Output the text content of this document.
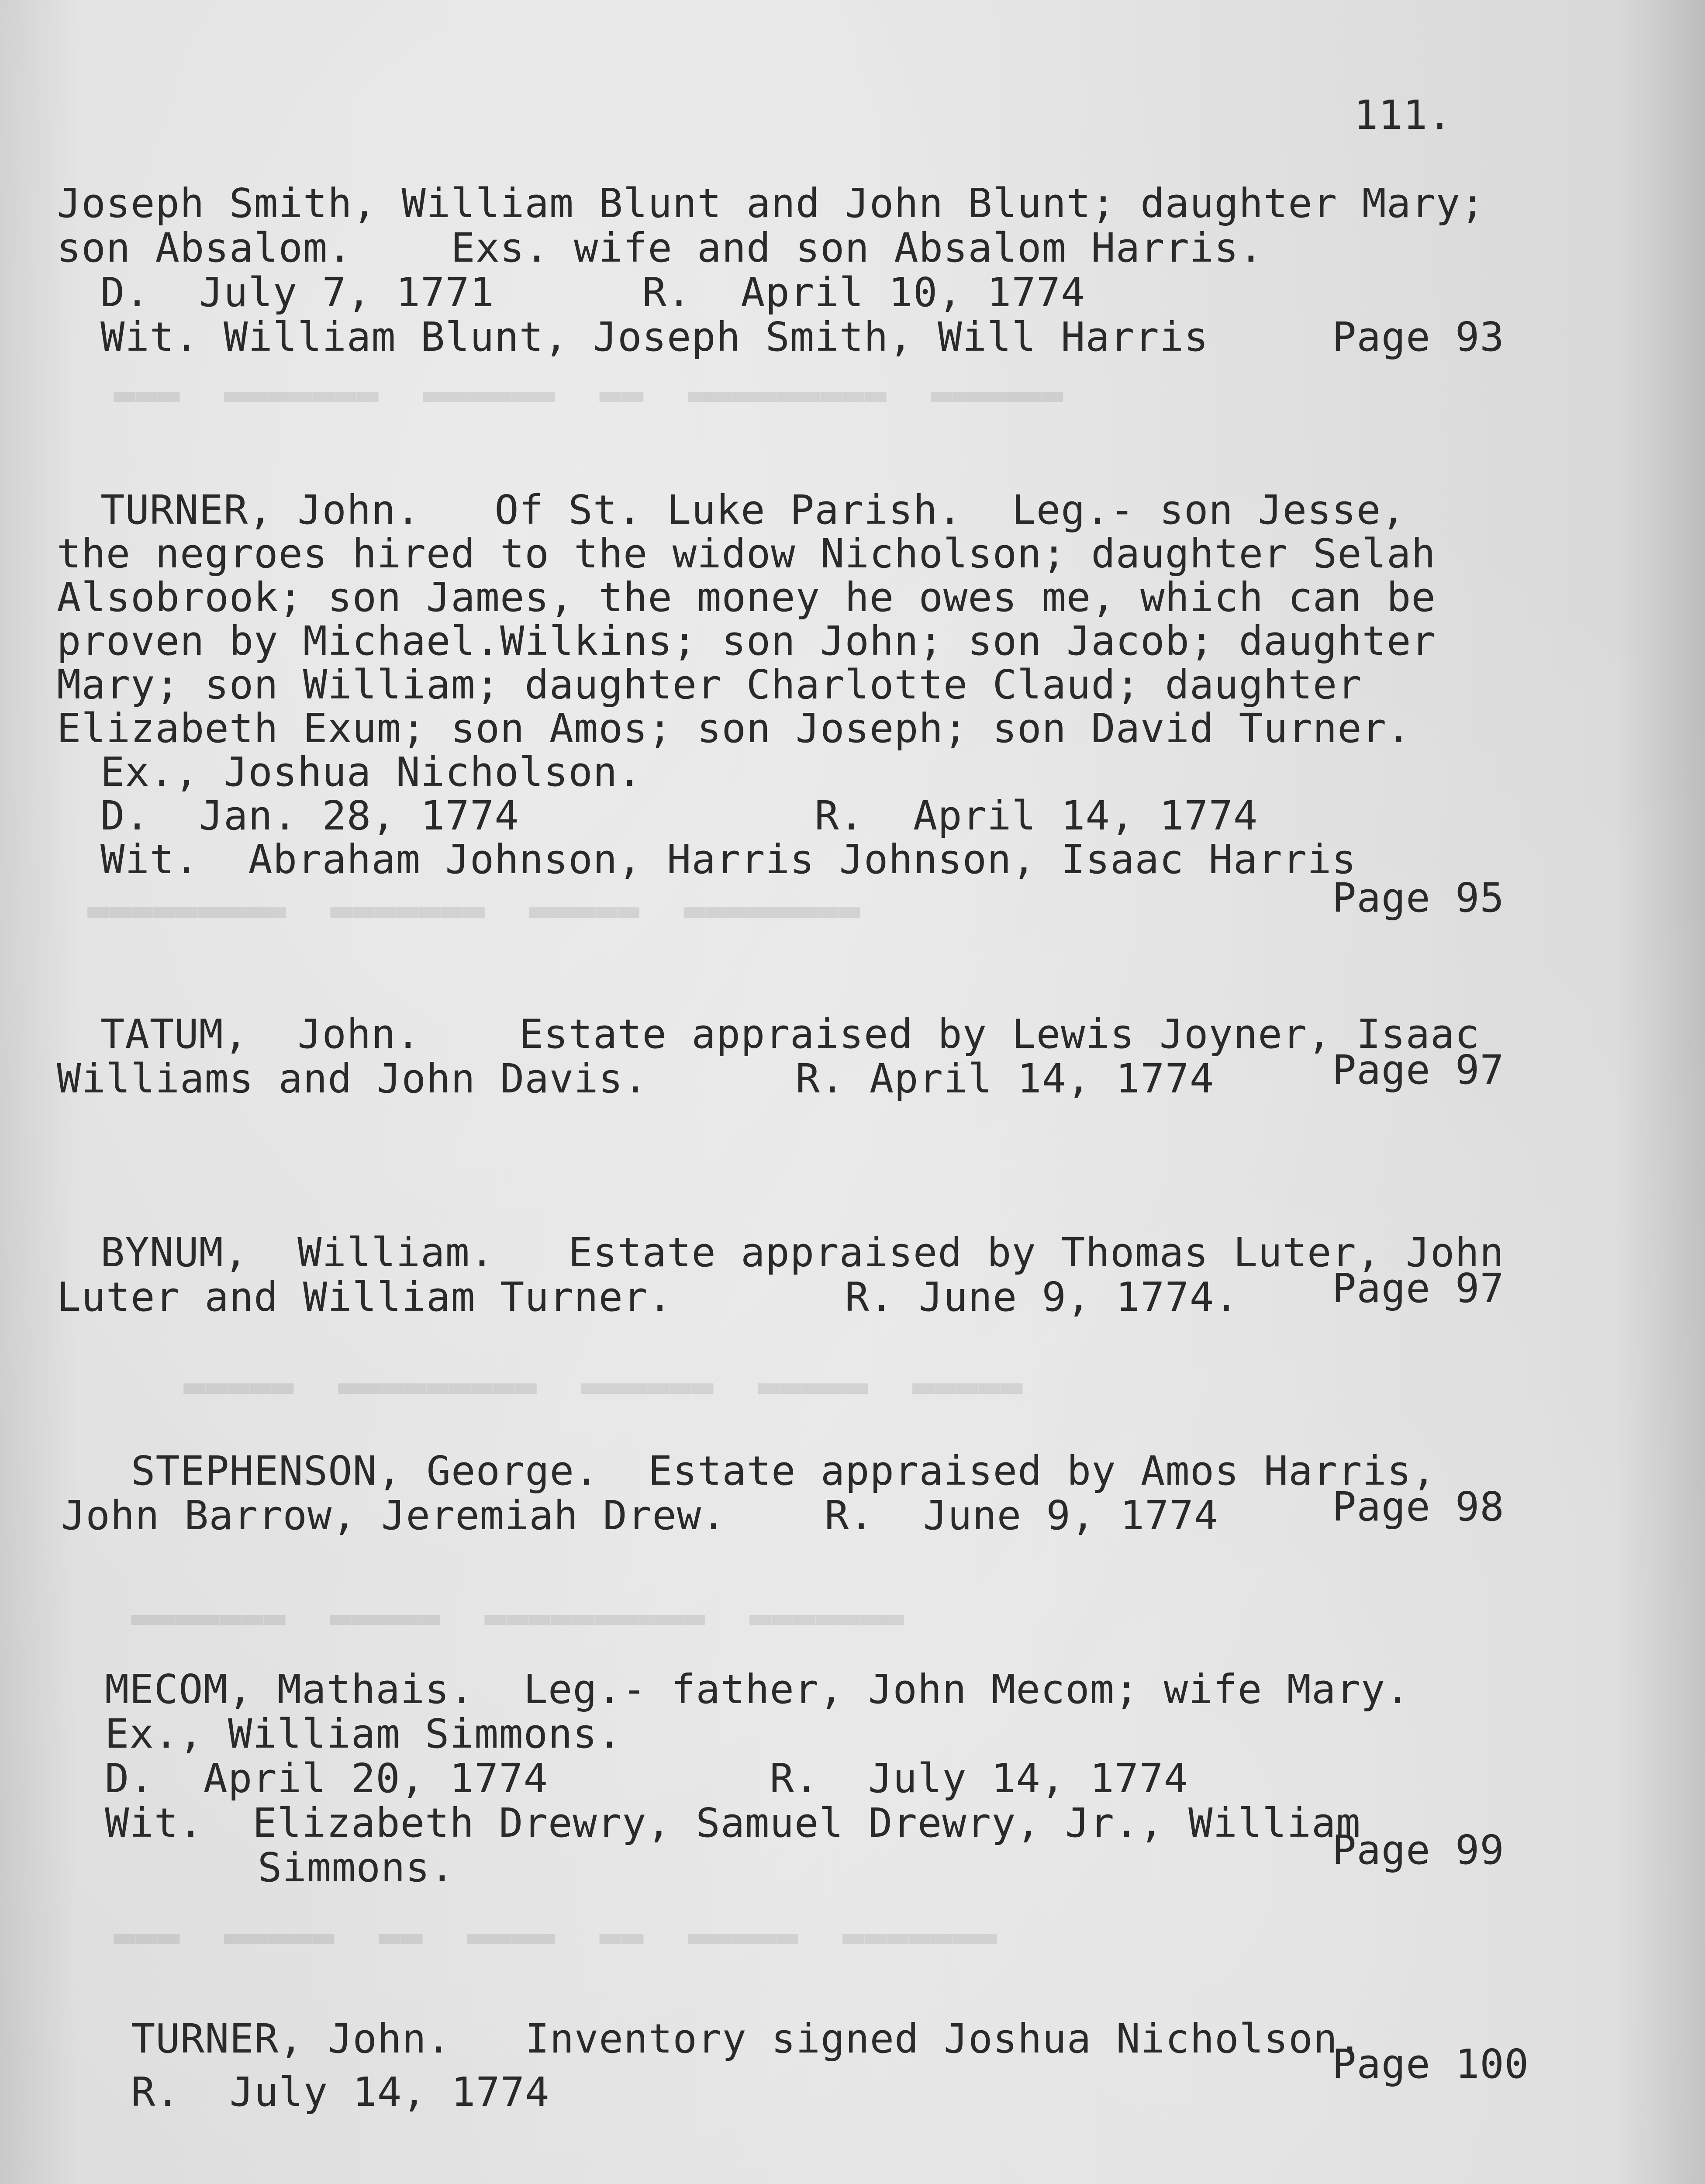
▬▬▬▬▬▬  ▬▬▬▬▬▬▬▬▬  ▬▬  ▬▬▬▬▬▬  ▬▬▬▬▬▬▬  ▬▬▬
▬▬▬▬▬▬▬▬  ▬▬▬▬▬  ▬▬▬▬▬▬▬  ▬▬▬▬▬▬▬▬▬
▬▬▬▬▬  ▬▬▬▬▬  ▬▬▬▬▬▬  ▬▬▬▬▬▬▬▬▬  ▬▬▬▬▬
▬▬▬▬▬▬▬  ▬▬▬▬▬▬▬▬▬▬  ▬▬▬▬▬  ▬▬▬▬▬▬▬
▬▬▬▬▬▬▬  ▬▬▬▬▬  ▬▬  ▬▬▬▬  ▬▬  ▬▬▬▬▬  ▬▬▬
111.
Joseph Smith, William Blunt and John Blunt; daughter Mary;
son Absalom.    Exs. wife and son Absalom Harris.
D.  July 7, 1771      R.  April 10, 1774
Wit. William Blunt, Joseph Smith, Will Harris	Page 93
TURNER, John.   Of St. Luke Parish.  Leg.- son Jesse,
the negroes hired to the widow Nicholson; daughter Selah
Alsobrook; son James, the money he owes me, which can be
proven by Michael.Wilkins; son John; son Jacob; daughter
Mary; son William; daughter Charlotte Claud; daughter
Elizabeth Exum; son Amos; son Joseph; son David Turner.
Ex., Joshua Nicholson.
D.  Jan. 28, 1774            R.  April 14, 1774
Wit.  Abraham Johnson, Harris Johnson, Isaac Harris
Page 95
TATUM,  John.    Estate appraised by Lewis Joyner, Isaac
Williams and John Davis.      R. April 14, 1774	Page 97
BYNUM,  William.   Estate appraised by Thomas Luter, John
Luter and William Turner.       R. June 9, 1774. Page 97
STEPHENSON, George.  Estate appraised by Amos Harris,
John Barrow, Jeremiah Drew.    R.  June 9, 1774	Page 98
MECOM, Mathais.  Leg.- father, John Mecom; wife Mary.
Ex., William Simmons.
D.  April 20, 1774         R.  July 14, 1774
Wit.  Elizabeth Drewry, Samuel Drewry, Jr., William
Simmons.	Page 99
TURNER, John.   Inventory signed Joshua Nicholson.
R.  July 14, 1774
Page 100
